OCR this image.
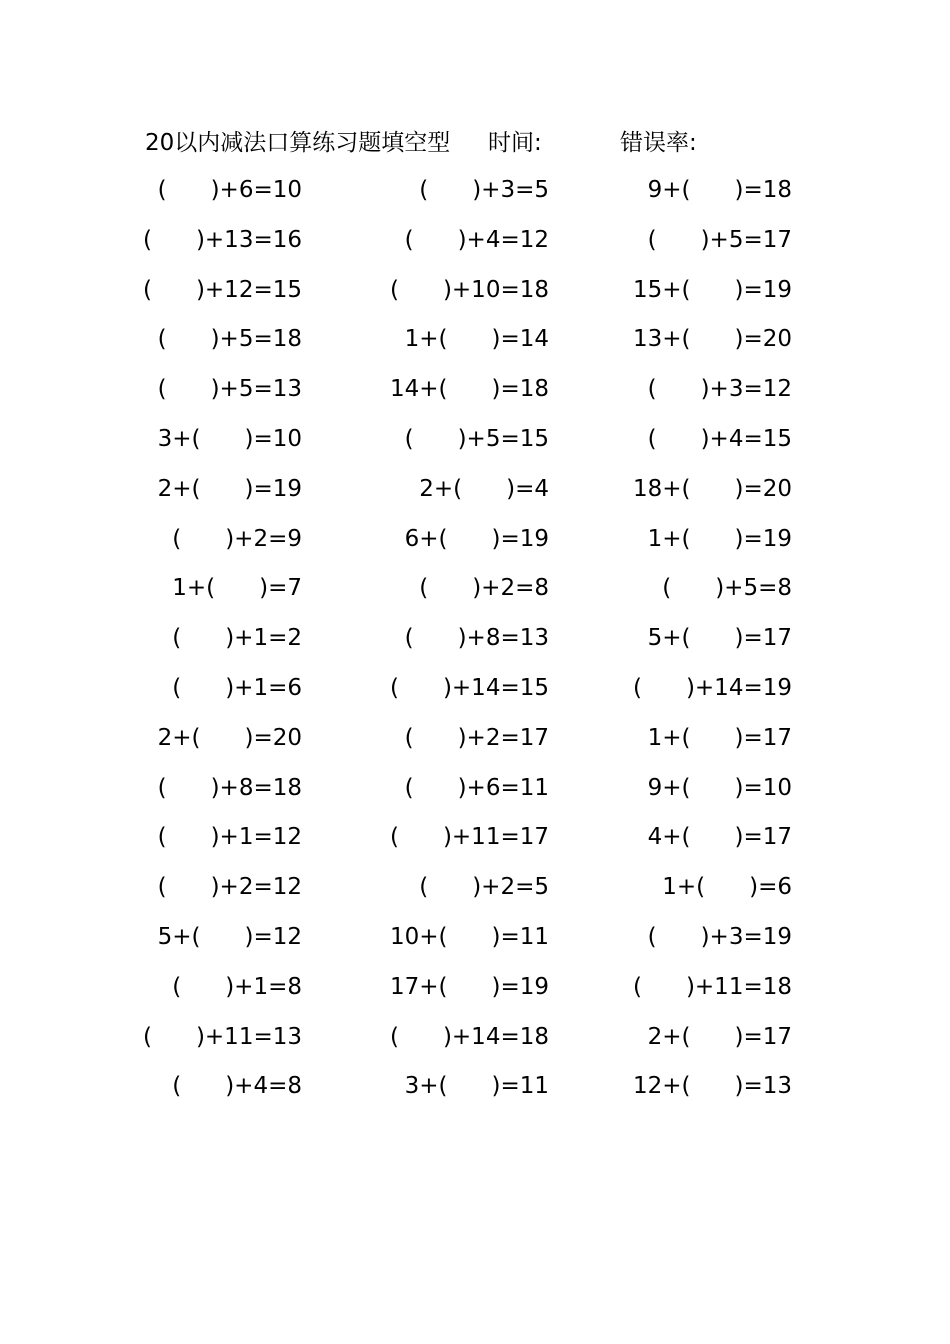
20以内减法口算练习题填空型 时间:	错误率:
( )+6=10	( )+3=5	9+( )=18
( )+13=16	( )+4=12	( )+5=17
( )+12=15	( )+10=18	15+( )=19
( )+5=18	1+( )=14	13+( )=20
( )+5=13	14+( )=18	( )+3=12
3+( )=10	( )+5=15	( )+4=15
2+( )=19	2+( )=4	18+( )=20
( )+2=9	6+( )=19	1+( )=19
1+( )=7	( )+2=8	( )+5=8
( )+1=2	( )+8=13	5+( )=17
( )+1=6	( )+14=15	( )+14=19
2+( )=20	( )+2=17	1+( )=17
( )+8=18	( )+6=11	9+( )=10
( )+1=12	( )+11=17	4+( )=17
( )+2=12	( )+2=5	1+( )=6
5+( )=12	10+( )=11	( )+3=19
( )+1=8	17+( )=19	( )+11=18
( )+11=13	( )+14=18	2+( )=17
( )+4=8	3+( )=11	12+( )=13
